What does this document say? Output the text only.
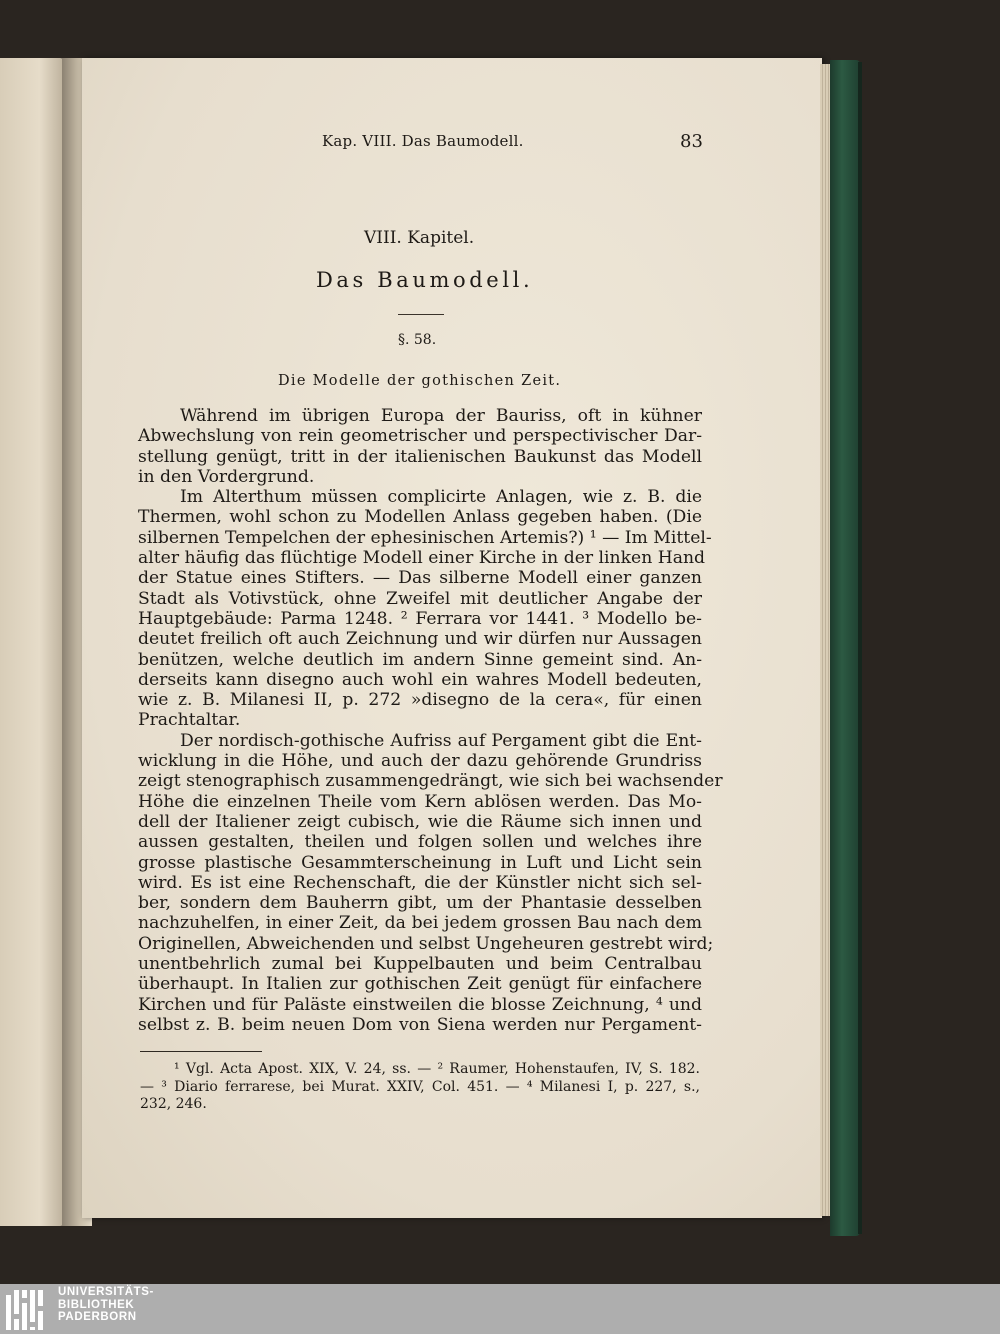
Kap. VIII. Das Baumodell.	83
VIII. Kapitel.
Das Baumodell.
§. 58.
Die Modelle der gothischen Zeit.
Während im übrigen Europa der Bauriss, oft in kühner
Abwechslung von rein geometrischer und perspectivischer Dar-
stellung genügt, tritt in der italienischen Baukunst das Modell
in den Vordergrund.
Im Alterthum müssen complicirte Anlagen, wie z. B. die
Thermen, wohl schon zu Modellen Anlass gegeben haben. (Die
silbernen Tempelchen der ephesinischen Artemis?) ¹ — Im Mittel-
alter häufig das flüchtige Modell einer Kirche in der linken Hand
der Statue eines Stifters. — Das silberne Modell einer ganzen
Stadt als Votivstück, ohne Zweifel mit deutlicher Angabe der
Hauptgebäude: Parma 1248. ² Ferrara vor 1441. ³ Modello be-
deutet freilich oft auch Zeichnung und wir dürfen nur Aussagen
benützen, welche deutlich im andern Sinne gemeint sind. An-
derseits kann disegno auch wohl ein wahres Modell bedeuten,
wie z. B. Milanesi II, p. 272 »disegno de la cera«, für einen
Prachtaltar.
Der nordisch-gothische Aufriss auf Pergament gibt die Ent-
wicklung in die Höhe, und auch der dazu gehörende Grundriss
zeigt stenographisch zusammengedrängt, wie sich bei wachsender
Höhe die einzelnen Theile vom Kern ablösen werden. Das Mo-
dell der Italiener zeigt cubisch, wie die Räume sich innen und
aussen gestalten, theilen und folgen sollen und welches ihre
grosse plastische Gesammterscheinung in Luft und Licht sein
wird. Es ist eine Rechenschaft, die der Künstler nicht sich sel-
ber, sondern dem Bauherrn gibt, um der Phantasie desselben
nachzuhelfen, in einer Zeit, da bei jedem grossen Bau nach dem
Originellen, Abweichenden und selbst Ungeheuren gestrebt wird;
unentbehrlich zumal bei Kuppelbauten und beim Centralbau
überhaupt. In Italien zur gothischen Zeit genügt für einfachere
Kirchen und für Paläste einstweilen die blosse Zeichnung, ⁴ und
selbst z. B. beim neuen Dom von Siena werden nur Pergament-
¹ Vgl. Acta Apost. XIX, V. 24, ss. — ² Raumer, Hohenstaufen, IV, S. 182.
— ³ Diario ferrarese, bei Murat. XXIV, Col. 451. — ⁴ Milanesi I, p. 227, s.,
232, 246.
UNIVERSITÄTS-
BIBLIOTHEK
PADERBORN
